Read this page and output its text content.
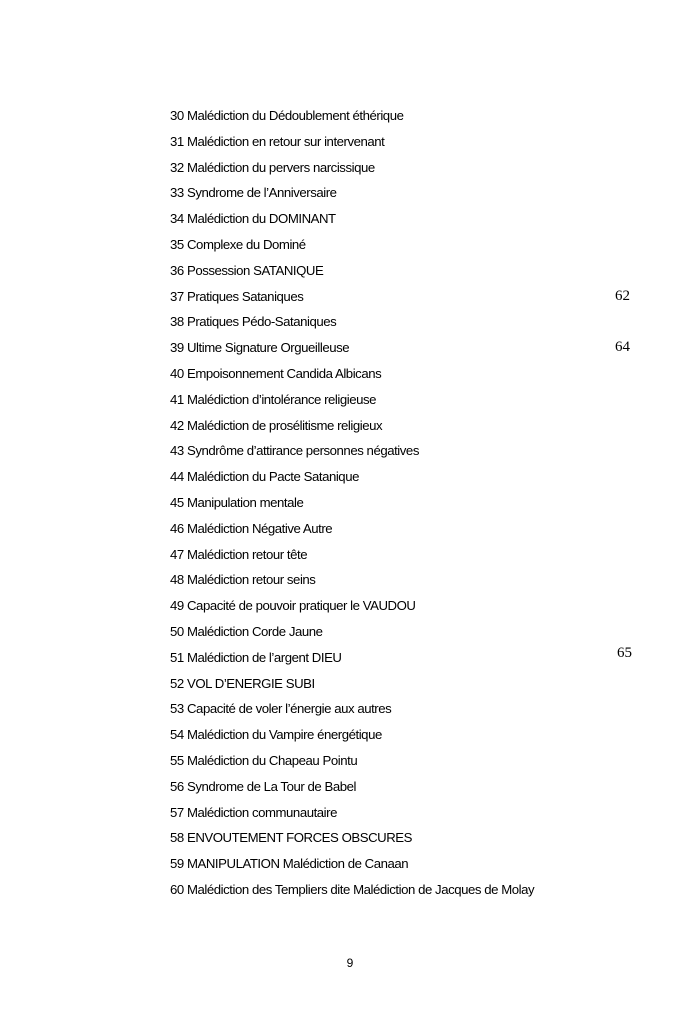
30 Malédiction du Dédoublement éthérique
31 Malédiction en retour sur intervenant
32 Malédiction du pervers narcissique
33 Syndrome de l’Anniversaire
34 Malédiction du DOMINANT
35 Complexe du Dominé
36 Possession SATANIQUE
37 Pratiques Sataniques	62
38 Pratiques Pédo-Sataniques
39 Ultime Signature Orgueilleuse	64
40 Empoisonnement Candida Albicans
41 Malédiction d’intolérance religieuse
42 Malédiction de prosélitisme religieux
43 Syndrôme d’attirance personnes négatives
44 Malédiction du Pacte Satanique
45 Manipulation mentale
46 Malédiction Négative Autre
47 Malédiction retour tête
48 Malédiction retour seins
49 Capacité de pouvoir pratiquer le VAUDOU
50 Malédiction Corde Jaune
51 Malédiction de l’argent DIEU	65
52 VOL D’ENERGIE SUBI
53 Capacité de voler l’énergie aux autres
54 Malédiction du Vampire énergétique
55 Malédiction du Chapeau Pointu
56 Syndrome de La Tour de Babel
57 Malédiction communautaire
58 ENVOUTEMENT FORCES OBSCURES
59 MANIPULATION Malédiction de Canaan
60 Malédiction des Templiers dite Malédiction de Jacques de Molay
9
